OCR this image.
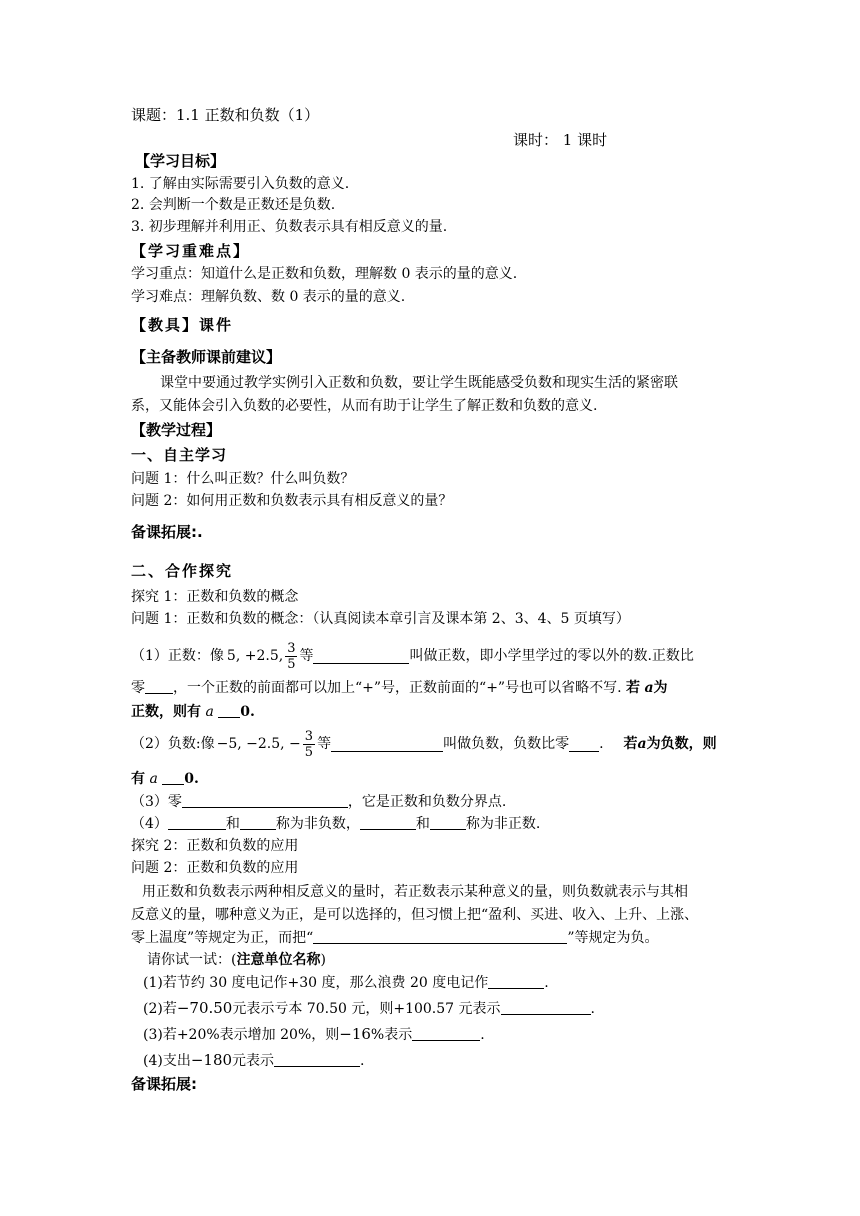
课题：1.1 正数和负数（1）
课时： 1 课时
【学习目标】
1. 了解由实际需要引入负数的意义.
2. 会判断一个数是正数还是负数.
3. 初步理解并利用正、负数表示具有相反意义的量.
【学习重难点】
学习重点：知道什么是正数和负数，理解数 0 表示的量的意义.
学习难点：理解负数、数 0 表示的量的意义.
【教具】课件
【主备教师课前建议】
课堂中要通过教学实例引入正数和负数，要让学生既能感受负数和现实生活的紧密联
系，又能体会引入负数的必要性，从而有助于让学生了解正数和负数的意义.
【教学过程】
一、自主学习
问题 1：什么叫正数？什么叫负数？
问题 2：如何用正数和负数表示具有相反意义的量？
备课拓展:.
二、合作探究
探究 1：正数和负数的概念
问题 1：正数和负数的概念：（认真阅读本章引言及课本第 2、3、4、5 页填写）
（1）正数：像 5, +2.5, $\frac{3}{5}$ 等	叫做正数，即小学里学过的零以外的数.正数比
零 ，一个正数的前面都可以加上“+”号，正数前面的“+”号也可以省略不写. 若 a为
正数，则有 a 0.
（2）负数:像 −5, −2.5, − $\frac{3}{5}$ 等	叫做负数，负数比零 . 若 a 为负数，则
有 a 0.
（3）零	，它是正数和负数分界点.
（4）	和	称为非负数，	和	称为非正数.
探究 2：正数和负数的应用
问题 2：正数和负数的应用
用正数和负数表示两种相反意义的量时，若正数表示某种意义的量，则负数就表示与其相
反意义的量，哪种意义为正，是可以选择的，但习惯上把“盈利、买进、收入、上升、上涨、
零上温度”等规定为正，而把“	”等规定为负。
请你试一试：(注意单位名称)
(1)若节约 30 度电记作+30 度，那么浪费 20 度电记作	.
(2)若−70.50元表示亏本 70.50 元，则+100.57 元表示	.
(3)若+20%表示增加 20%，则−16%表示	.
(4)支出−180元表示	.
备课拓展:
